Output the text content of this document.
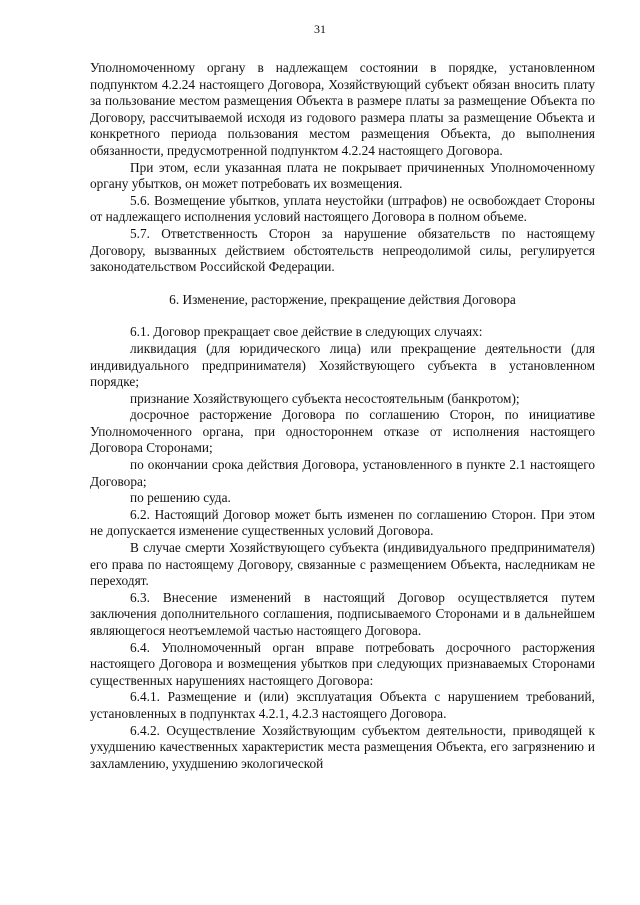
31

Уполномоченному органу в надлежащем состоянии в порядке, установленном подпунктом 4.2.24 настоящего Договора, Хозяйствующий субъект обязан вносить плату за пользование местом размещения Объекта в размере платы за размещение Объекта по Договору, рассчитываемой исходя из годового размера платы за размещение Объекта и конкретного периода пользования местом размещения Объекта, до выполнения обязанности, предусмотренной подпунктом 4.2.24 настоящего Договора.

При этом, если указанная плата не покрывает причиненных Уполномоченному органу убытков, он может потребовать их возмещения.

5.6. Возмещение убытков, уплата неустойки (штрафов) не освобождает Стороны от надлежащего исполнения условий настоящего Договора в полном объеме.

5.7. Ответственность Сторон за нарушение обязательств по настоящему Договору, вызванных действием обстоятельств непреодолимой силы, регулируется законодательством Российской Федерации.

6. Изменение, расторжение, прекращение действия Договора

6.1. Договор прекращает свое действие в следующих случаях:

ликвидация (для юридического лица) или прекращение деятельности (для индивидуального предпринимателя) Хозяйствующего субъекта в установленном порядке;

признание Хозяйствующего субъекта несостоятельным (банкротом);

досрочное расторжение Договора по соглашению Сторон, по инициативе Уполномоченного органа, при одностороннем отказе от исполнения настоящего Договора Сторонами;

по окончании срока действия Договора, установленного в пункте 2.1 настоящего Договора;

по решению суда.

6.2. Настоящий Договор может быть изменен по соглашению Сторон. При этом не допускается изменение существенных условий Договора.

В случае смерти Хозяйствующего субъекта (индивидуального предпринимателя) его права по настоящему Договору, связанные с размещением Объекта, наследникам не переходят.

6.3. Внесение изменений в настоящий Договор осуществляется путем заключения дополнительного соглашения, подписываемого Сторонами и в дальнейшем являющегося неотъемлемой частью настоящего Договора.

6.4. Уполномоченный орган вправе потребовать досрочного расторжения настоящего Договора и возмещения убытков при следующих признаваемых Сторонами существенных нарушениях настоящего Договора:

6.4.1. Размещение и (или) эксплуатация Объекта с нарушением требований, установленных в подпунктах 4.2.1, 4.2.3 настоящего Договора.

6.4.2. Осуществление Хозяйствующим субъектом деятельности, приводящей к ухудшению качественных характеристик места размещения Объекта, его загрязнению и захламлению, ухудшению экологической
